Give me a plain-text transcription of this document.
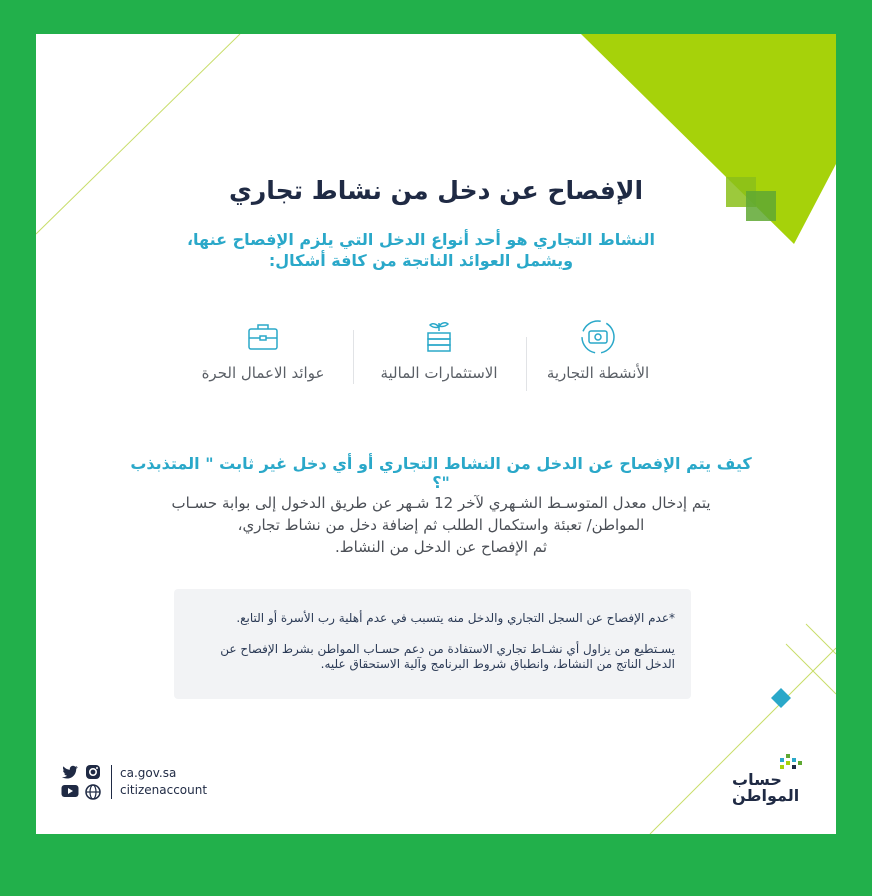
الإفصاح عن دخل من نشاط تجاري
النشاط التجاري هو أحد أنواع الدخل التي يلزم الإفصاح عنها،
ويشمل العوائد الناتجة من كافة أشكال:
الأنشطة التجارية
الاستثمارات المالية
عوائد الاعمال الحرة
كيف يتم الإفصاح عن الدخل من النشاط التجاري أو أي دخل غير ثابت " المتذبذب "؟
يتم إدخال معدل المتوسـط الشـهري لآخر 12 شـهر عن طريق الدخول إلى بوابة حسـاب
المواطن/ تعبئة واستكمال الطلب ثم إضافة دخل من نشاط تجاري،
ثم الإفصاح عن الدخل من النشاط.

*عدم الإفصاح عن السجل التجاري والدخل منه يتسبب في عدم أهلية رب الأسرة أو التابع.

يسـتطيع من يزاول أي نشـاط تجاري الاستفادة من دعم حسـاب المواطن بشرط الإفصاح عن

الدخل الناتج من النشاط، وانطباق شروط البرنامج وآلية الاستحقاق عليه.

ca.gov.sa
citizenaccount
حساب
المواطن
